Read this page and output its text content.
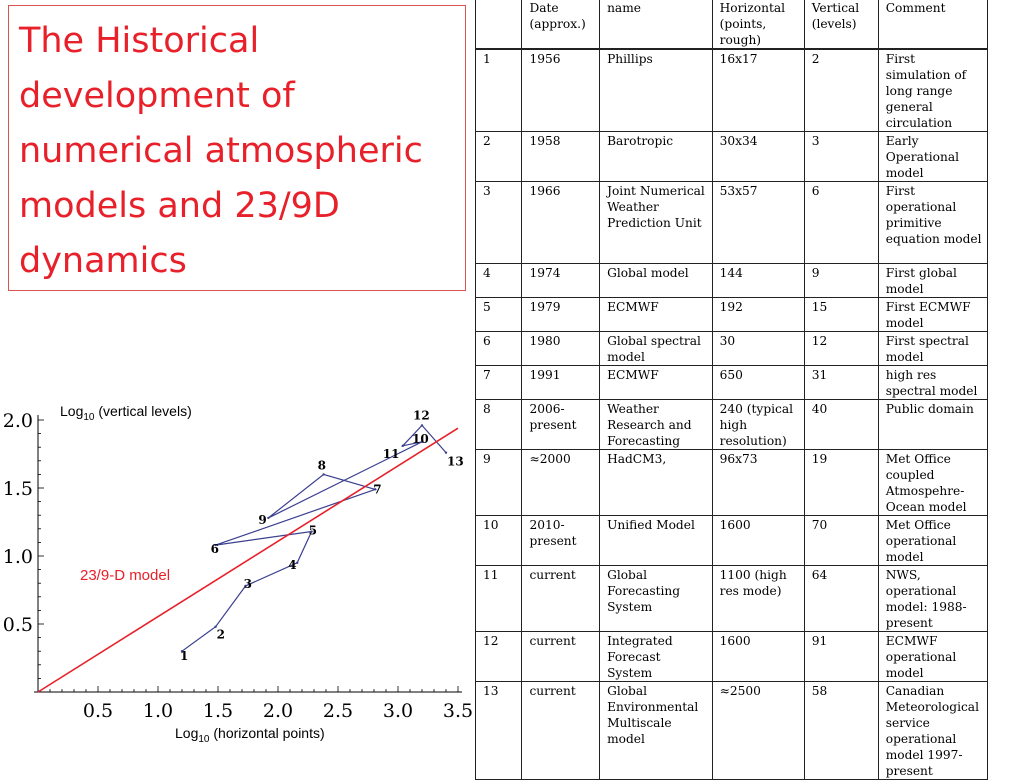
The Historical development of numerical atmospheric models and 23/9D dynamics
0.5 1.0 1.5 2.0 2.5 3.0 3.5
0.5
1.0
1.5
2.0
1
2
3
4
5
6
7
8
9
10
11
12
13
Log$_{10}$ (vertical levels)
Log$_{10}$ (horizontal points)
23/9-D model
	Date (approx.)	name	Horizontal (points, rough)	Vertical (levels)	Comment
1	1956	Phillips	16x17	2	First simulation of long range general circulation
2	1958	Barotropic	30x34	3	Early Operational model
3	1966	Joint Numerical Weather Prediction Unit	53x57	6	First operational primitive equation model
4	1974	Global model	144	9	First global model
5	1979	ECMWF	192	15	First ECMWF model
6	1980	Global spectral model	30	12	First spectral model
7	1991	ECMWF	650	31	high res spectral model
8	2006-present	Weather Research and Forecasting	240 (typical high resolution)	40	Public domain
9	≈2000	HadCM3,	96x73	19	Met Office coupled Atmospehre-Ocean model
10	2010-present	Unified Model	1600	70	Met Office operational model
11	current	Global Forecasting System	1100 (high res mode)	64	NWS, operational model: 1988-present
12	current	Integrated Forecast System	1600	91	ECMWF operational model
13	current	Global Environmental Multiscale model	≈2500	58	Canadian Meteorological service operational model 1997-present
